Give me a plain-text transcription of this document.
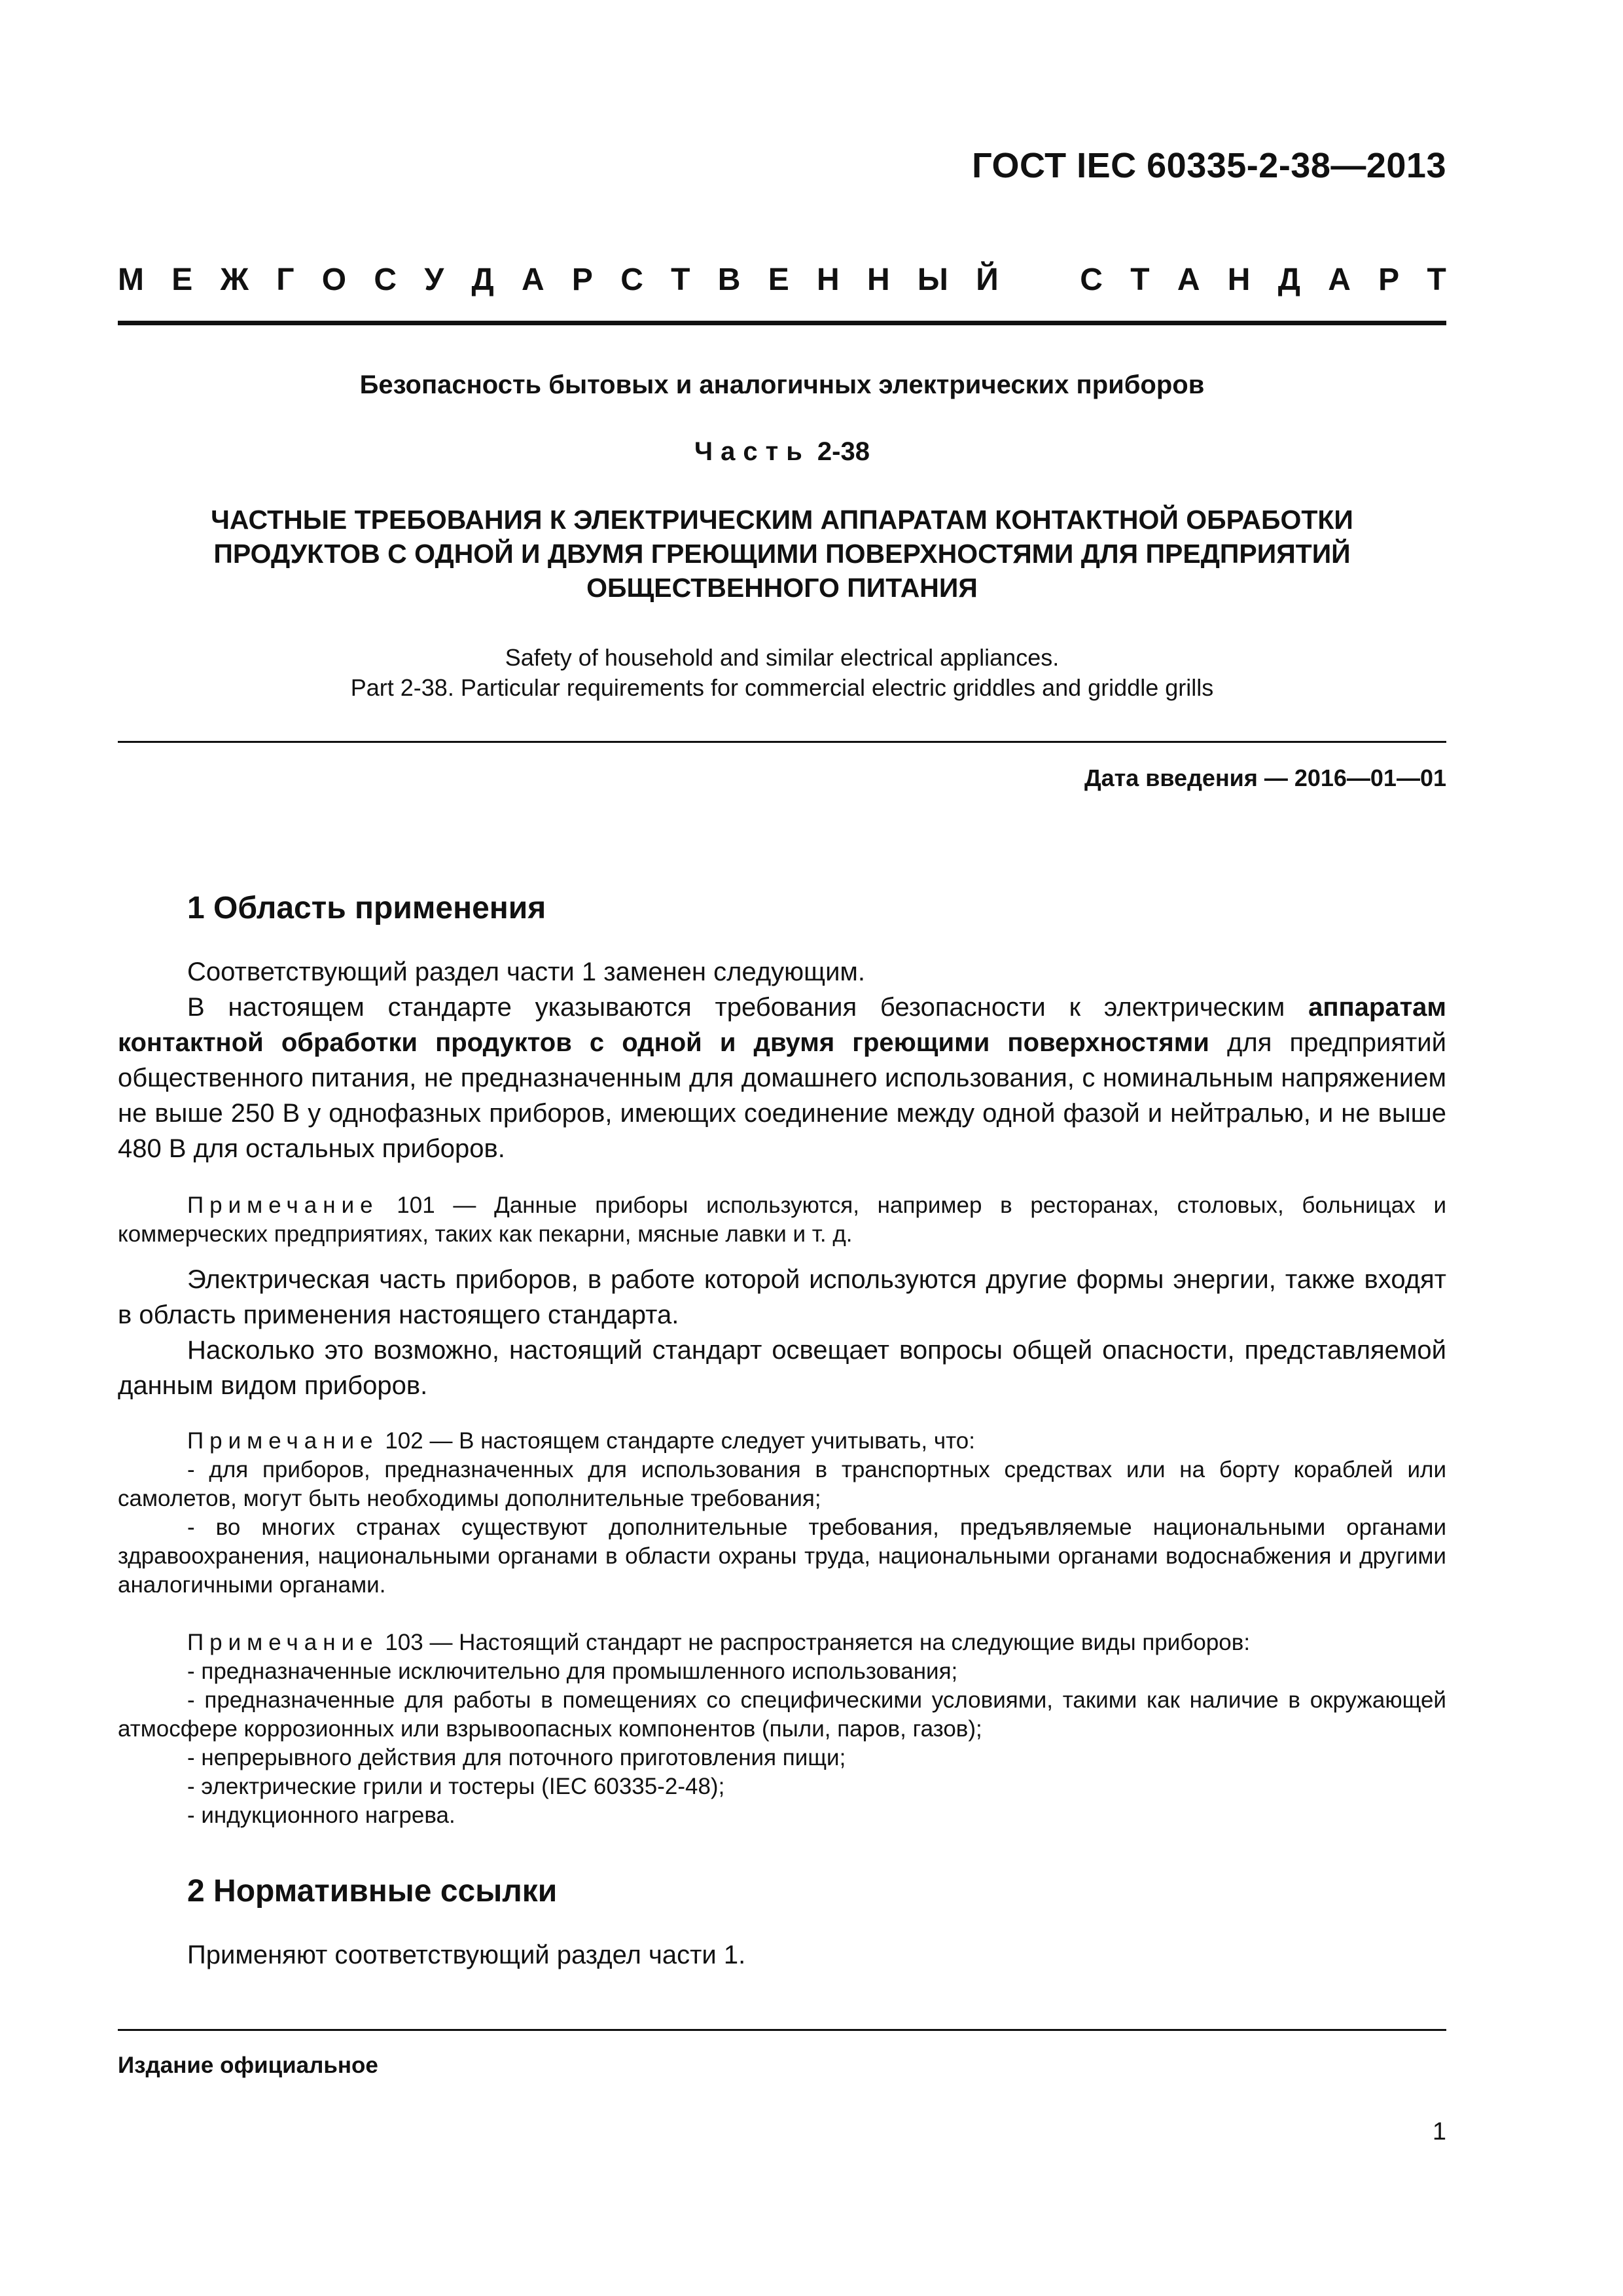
ГОСТ IEC 60335-2-38—2013
М Е Ж Г О С У Д А Р С Т В Е Н Н Ы Й	С Т А Н Д А Р Т
Безопасность бытовых и аналогичных электрических приборов
Часть 2-38
ЧАСТНЫЕ ТРЕБОВАНИЯ К ЭЛЕКТРИЧЕСКИМ АППАРАТАМ КОНТАКТНОЙ ОБРАБОТКИ
ПРОДУКТОВ С ОДНОЙ И ДВУМЯ ГРЕЮЩИМИ ПОВЕРХНОСТЯМИ ДЛЯ ПРЕДПРИЯТИЙ
ОБЩЕСТВЕННОГО ПИТАНИЯ
Safety of household and similar electrical appliances.
Part 2-38. Particular requirements for commercial electric griddles and griddle grills
Дата введения — 2016—01—01
1 Область применения

Соответствующий раздел части 1 заменен следующим.

В настоящем стандарте указываются требования безопасности к электрическим аппаратам контактной обработки продуктов с одной и двумя греющими поверхностями для предприятий общественного питания, не предназначенным для домашнего использования, с номинальным напряжением не выше 250 В у однофазных приборов, имеющих соединение между одной фазой и нейтралью, и не выше 480 В для остальных приборов.

Примечание 101 — Данные приборы используются, например в ресторанах, столовых, больницах и коммерческих предприятиях, таких как пекарни, мясные лавки и т. д.

Электрическая часть приборов, в работе которой используются другие формы энергии, также входят в область применения настоящего стандарта.

Насколько это возможно, настоящий стандарт освещает вопросы общей опасности, представляемой данным видом приборов.

Примечание 102 — В настоящем стандарте следует учитывать, что:

- для приборов, предназначенных для использования в транспортных средствах или на борту кораблей или самолетов, могут быть необходимы дополнительные требования;

- во многих странах существуют дополнительные требования, предъявляемые национальными органами здравоохранения, национальными органами в области охраны труда, национальными органами водоснабжения и другими аналогичными органами.

Примечание 103 — Настоящий стандарт не распространяется на следующие виды приборов:

- предназначенные исключительно для промышленного использования;

- предназначенные для работы в помещениях со специфическими условиями, такими как наличие в окружающей атмосфере коррозионных или взрывоопасных компонентов (пыли, паров, газов);

- непрерывного действия для поточного приготовления пищи;

- электрические грили и тостеры (IEC 60335-2-48);

- индукционного нагрева.

2 Нормативные ссылки

Применяют соответствующий раздел части 1.

Издание официальное
1
